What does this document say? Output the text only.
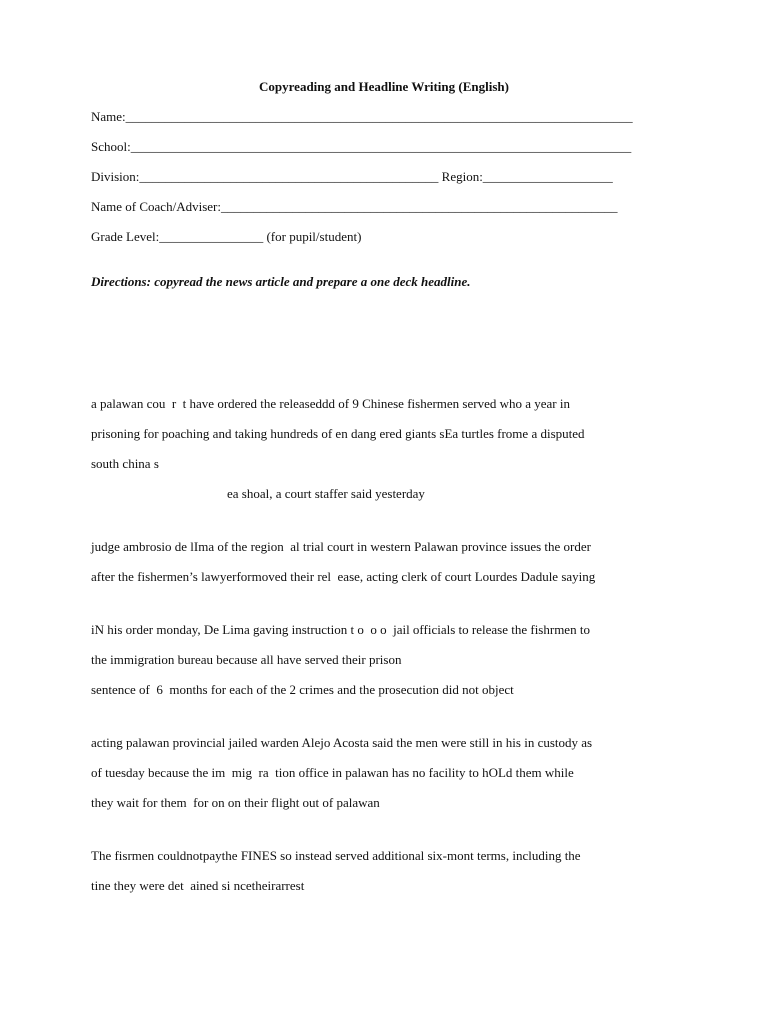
Copyreading and Headline Writing (English)
Name:______________________________________________________________________________
School:_____________________________________________________________________________
Division:______________________________________________ Region:____________________
Name of Coach/Adviser:_____________________________________________________________
Grade Level:________________ (for pupil/student)
Directions: copyread the news article and prepare a one deck headline.
a palawan cou  r  t have ordered the releaseddd of 9 Chinese fishermen served who a year in
prisoning for poaching and taking hundreds of en dang ered giants sEa turtles frome a disputed
south china s
ea shoal, a court staffer said yesterday
judge ambrosio de lIma of the region  al trial court in western Palawan province issues the order
after the fishermen’s lawyerformoved their rel  ease, acting clerk of court Lourdes Dadule saying
iN his order monday, De Lima gaving instruction t o  o o  jail officials to release the fishrmen to
the immigration bureau because all have served their prison
sentence of  6  months for each of the 2 crimes and the prosecution did not object
acting palawan provincial jailed warden Alejo Acosta said the men were still in his in custody as
of tuesday because the im  mig  ra  tion office in palawan has no facility to hOLd them while
they wait for them  for on on their flight out of palawan
The fisrmen couldnotpaythe FINES so instead served additional six-mont terms, including the
tine they were det  ained si ncetheirarrest
